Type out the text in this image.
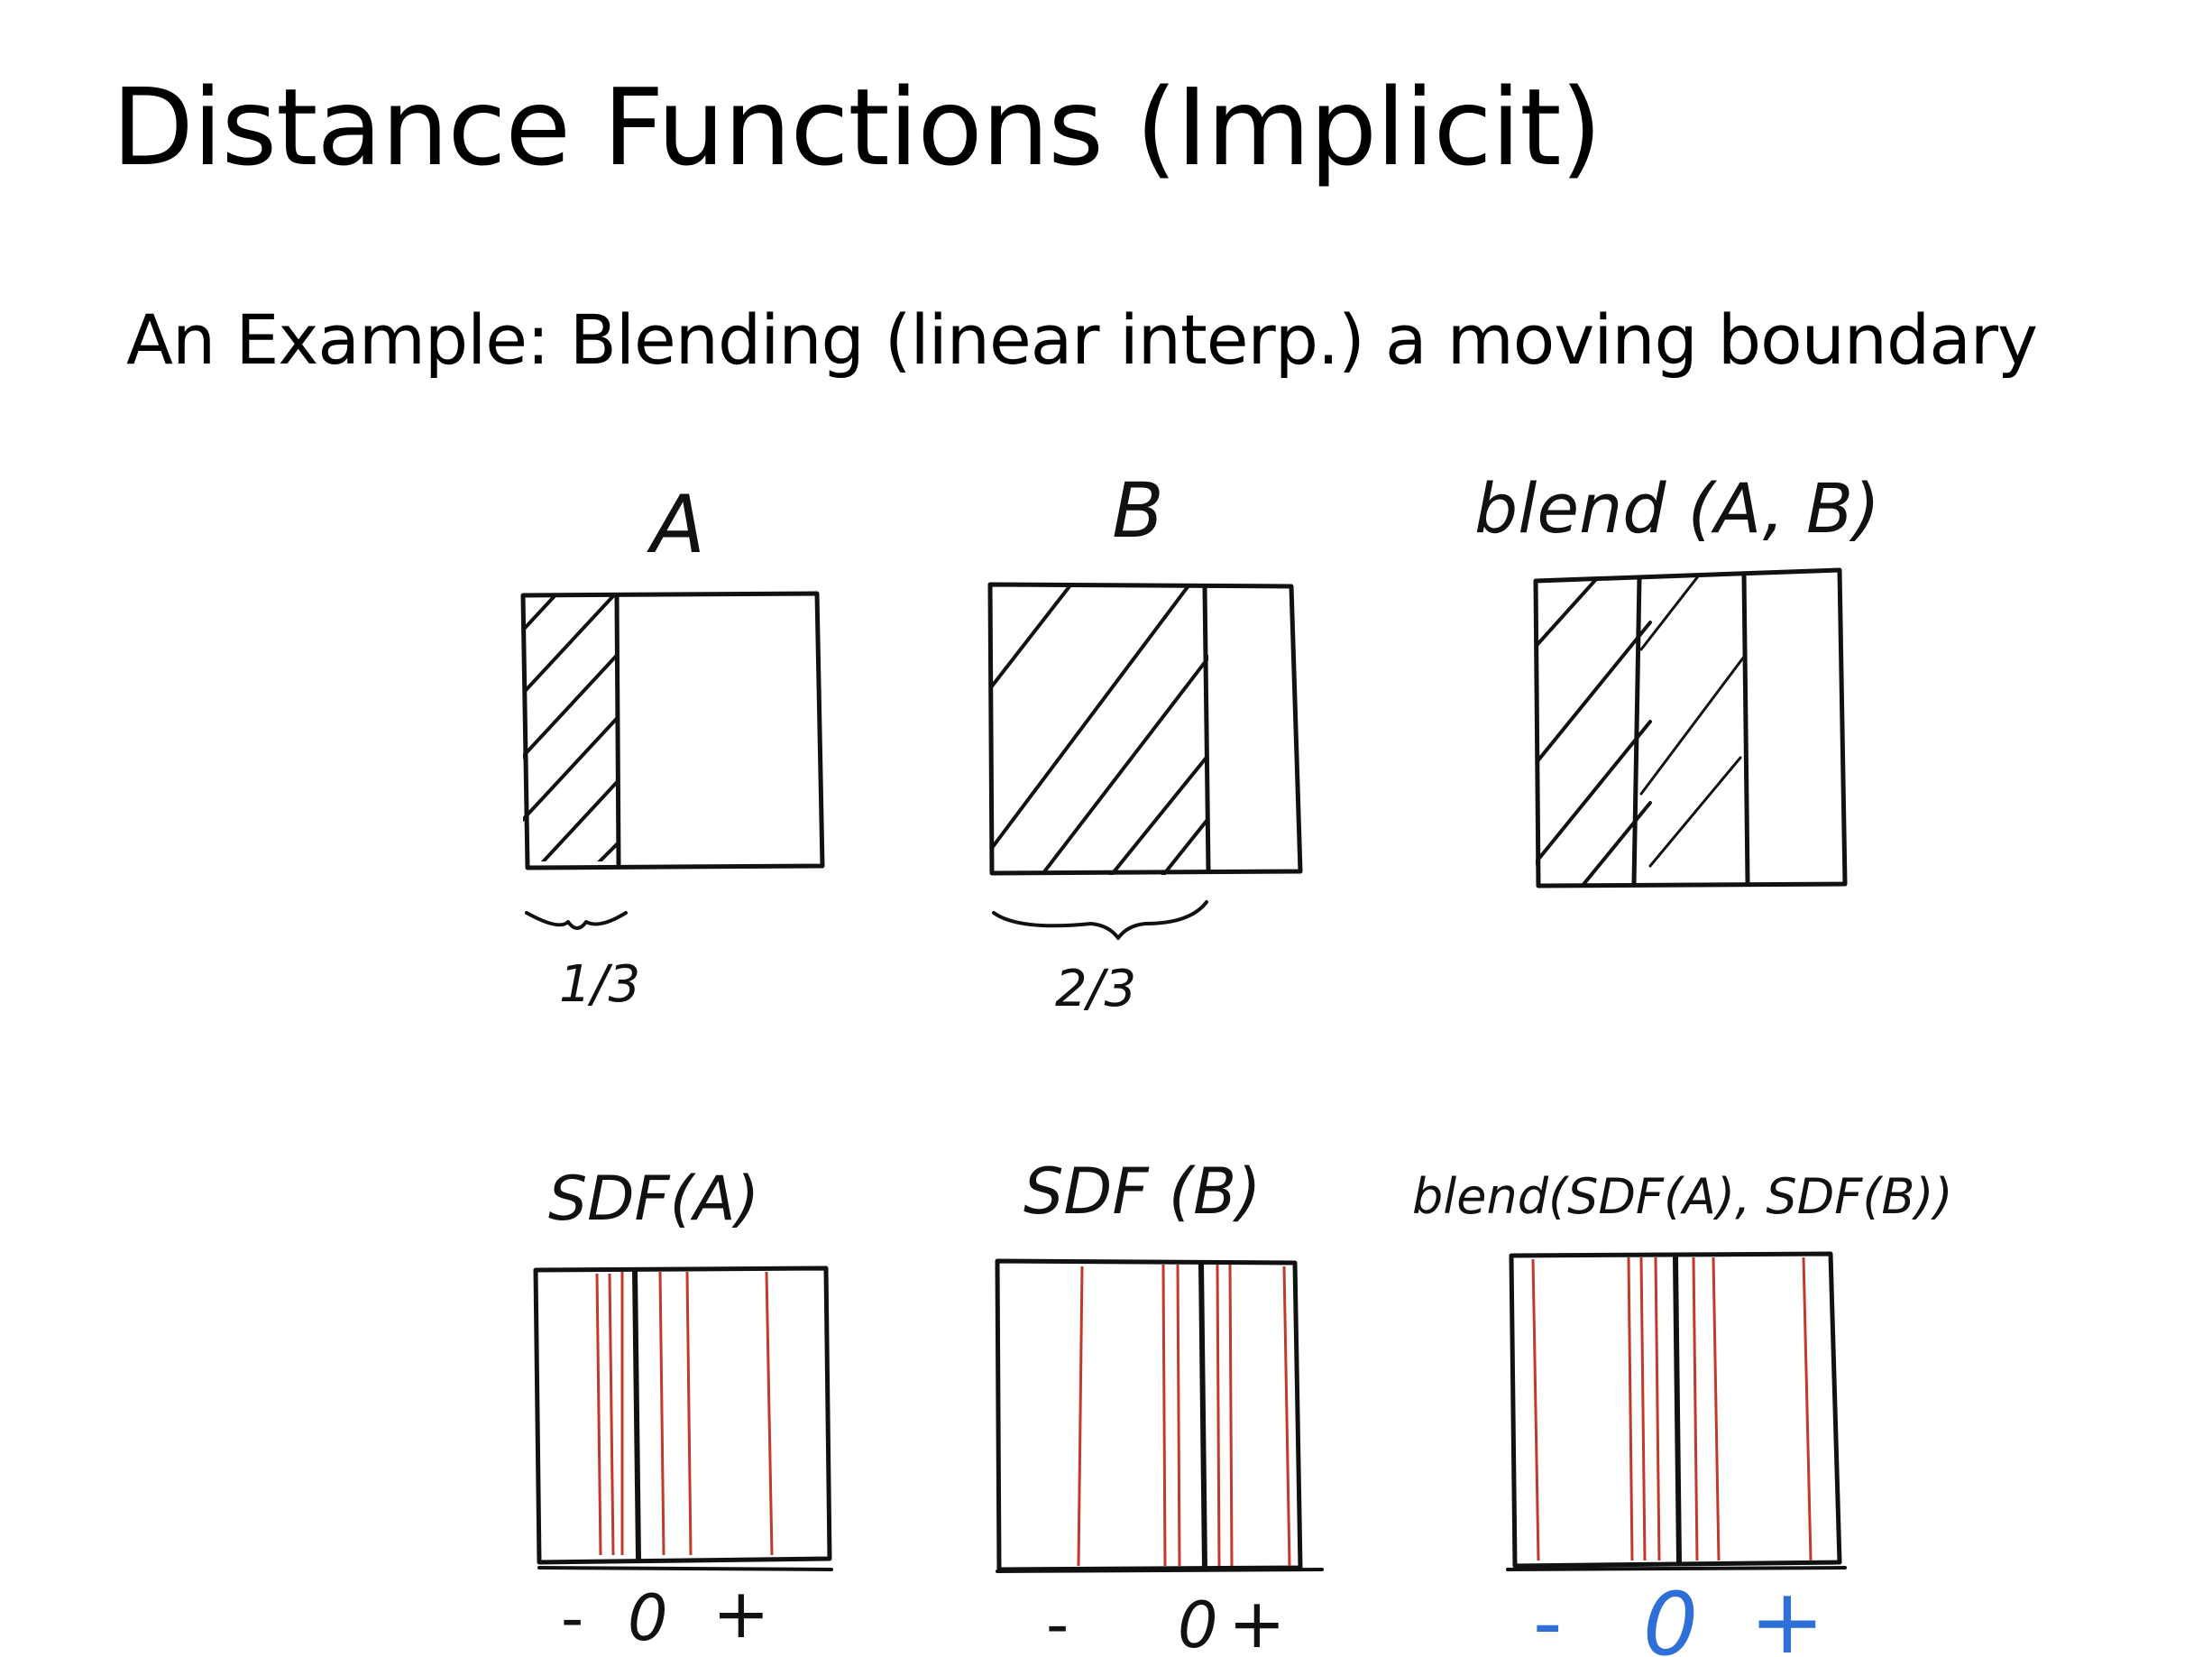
Distance Functions (Implicit)
An Example: Blending (linear interp.) a moving boundary
A	B	blend (A, B)
1/3	2/3
SDF(A)	SDF (B)	blend(SDF(A), SDF(B))
- 0 +	- 0 +	- 0 +
